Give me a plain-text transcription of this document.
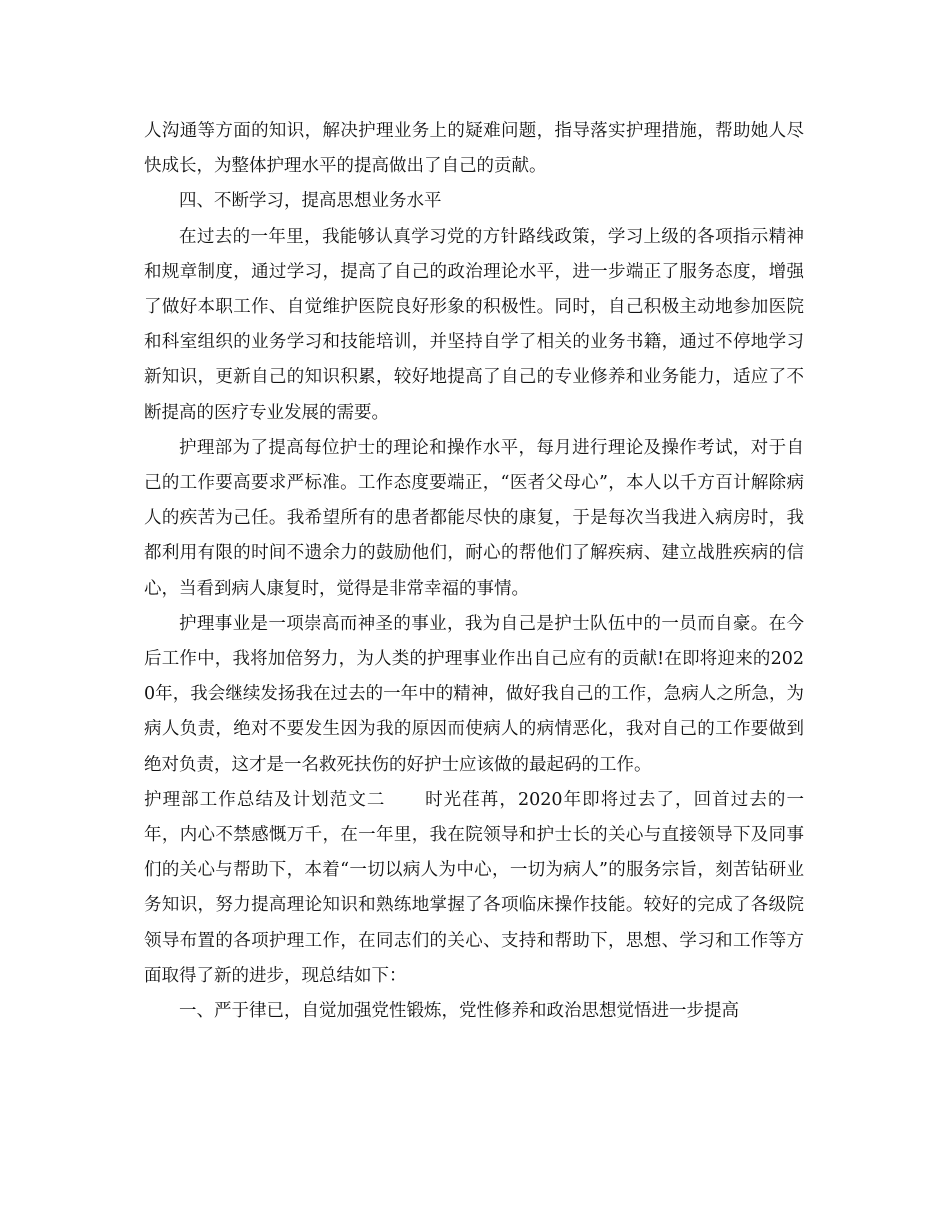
人沟通等方面的知识，解决护理业务上的疑难问题，指导落实护理措施，帮助她人尽快成长，为整体护理水平的提高做出了自己的贡献。

四、不断学习，提高思想业务水平

在过去的一年里，我能够认真学习党的方针路线政策，学习上级的各项指示精神和规章制度，通过学习，提高了自己的政治理论水平，进一步端正了服务态度，增强了做好本职工作、自觉维护医院良好形象的积极性。同时，自己积极主动地参加医院和科室组织的业务学习和技能培训，并坚持自学了相关的业务书籍，通过不停地学习新知识，更新自己的知识积累，较好地提高了自己的专业修养和业务能力，适应了不断提高的医疗专业发展的需要。

护理部为了提高每位护士的理论和操作水平，每月进行理论及操作考试，对于自己的工作要高要求严标准。工作态度要端正，“医者父母心”，本人以千方百计解除病人的疾苦为己任。我希望所有的患者都能尽快的康复，于是每次当我进入病房时，我都利用有限的时间不遗余力的鼓励他们，耐心的帮他们了解疾病、建立战胜疾病的信心，当看到病人康复时，觉得是非常幸福的事情。

护理事业是一项崇高而神圣的事业，我为自己是护士队伍中的一员而自豪。在今后工作中，我将加倍努力，为人类的护理事业作出自己应有的贡献!在即将迎来的2020年，我会继续发扬我在过去的一年中的精神，做好我自己的工作，急病人之所急，为病人负责，绝对不要发生因为我的原因而使病人的病情恶化，我对自己的工作要做到绝对负责，这才是一名救死扶伤的好护士应该做的最起码的工作。

护理部工作总结及计划范文二 时光荏苒，2020年即将过去了，回首过去的一年，内心不禁感慨万千，在一年里，我在院领导和护士长的关心与直接领导下及同事们的关心与帮助下，本着“一切以病人为中心，一切为病人”的服务宗旨，刻苦钻研业务知识，努力提高理论知识和熟练地掌握了各项临床操作技能。较好的完成了各级院领导布置的各项护理工作，在同志们的关心、支持和帮助下，思想、学习和工作等方面取得了新的进步，现总结如下：

一、严于律已，自觉加强党性锻炼，党性修养和政治思想觉悟进一步提高
